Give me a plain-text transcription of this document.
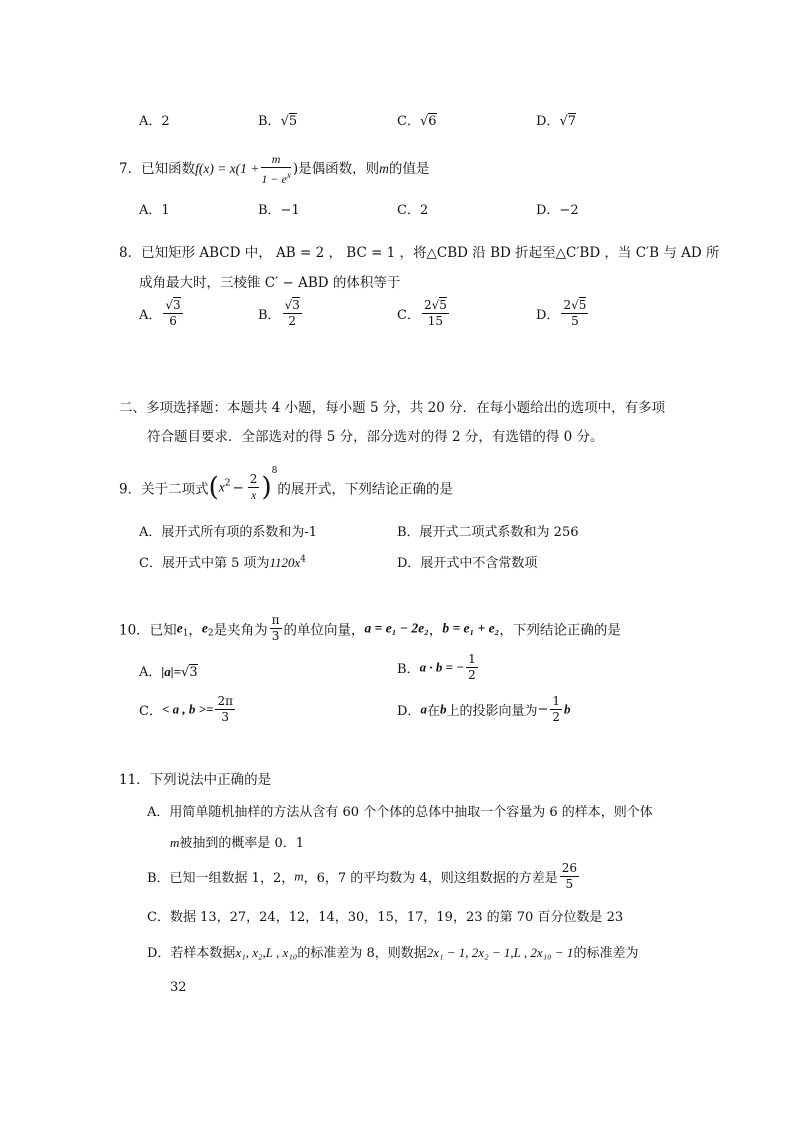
A．2	B．√5	C．√6	D．√7
7．已知函数$f(x) = x(1 + \frac{m}{1 - e^x}$ )是偶函数，则m的值是
A．1	B．−1	C．2	D．−2
8．已知矩形 ABCD 中， AB = 2 ， BC = 1 ，将△CBD 沿 BD 折起至△C′BD ，当 C′B 与 AD 所
成角最大时，三棱锥 C′ − ABD 的体积等于
A． $\frac{√3}{6}$	B． $\frac{√3}{2}$	C． $\frac{2√5}{15}$	D． $\frac{2√5}{5}$
二、多项选择题：本题共 4 小题，每小题 5 分，共 20 分．在每小题给出的选项中，有多项
符合题目要求．全部选对的得 5 分，部分选对的得 2 分，有选错的得 0 分。
9．关于二项式$(x^2 - \frac{2}{x} )^8$的展开式，下列结论正确的是
A．展开式所有项的系数和为-1	B．展开式二项式系数和为 256
C．展开式中第 5 项为$1120x^4$	D．展开式中不含常数项
10．已知$e_1$，$e_2$是夹角为 $\frac{\pi}{3}$ 的单位向量，a = e₁ − 2e₂，b = e₁ + e₂，下列结论正确的是
A．|a|=√3	B．a · b = − $\frac{1}{2}$
C．< a , $b >= \frac{2\pi}{3}$	D．a在b上的投影向量为− $\frac{1}{2}$ b
11．下列说法中正确的是
A．用简单随机抽样的方法从含有 60 个个体的总体中抽取一个容量为 6 的样本，则个体
m被抽到的概率是 0．1
B．已知一组数据 1，2，m，6，7 的平均数为 4，则这组数据的方差是 $\frac{26}{5}$
C．数据 13，27，24，12，14，30，15，17，19，23 的第 70 百分位数是 23
D．若样本数据x₁, x₂,L , x₁₀的标准差为 8，则数据2x₁ − 1, 2x₂ − 1,L , 2x₁₀ − 1的标准差为
32
